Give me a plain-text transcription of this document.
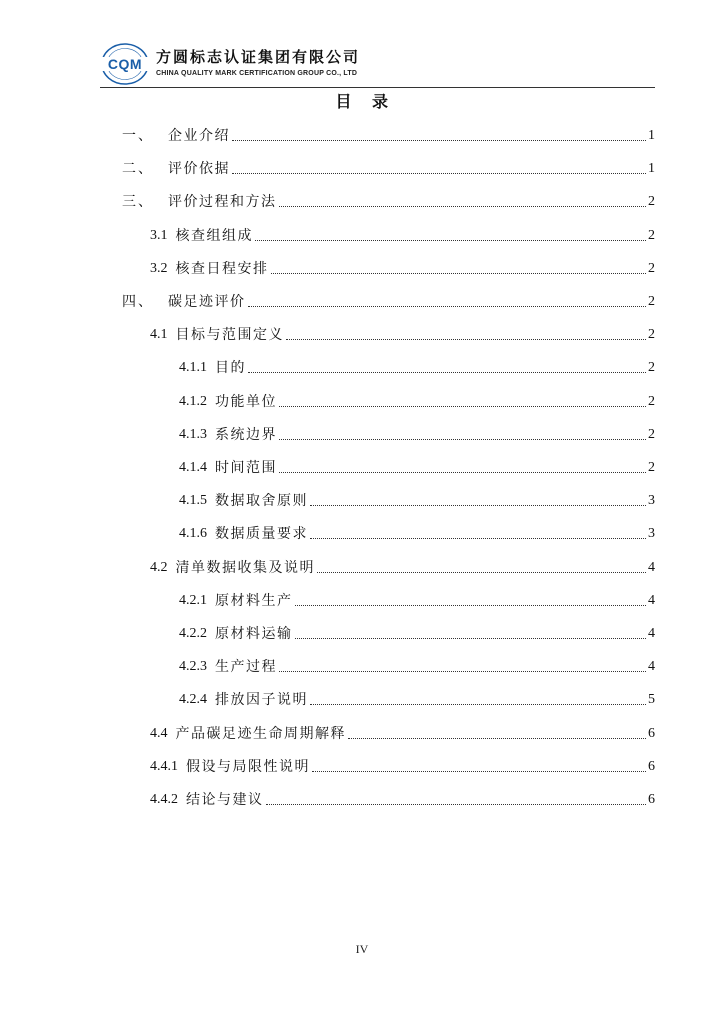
CQM 方圆标志认证集团有限公司
CHINA QUALITY MARK CERTIFICATION GROUP CO., LTD
目 录
一、	企业介绍	1
二、	评价依据	1
三、	评价过程和方法	2
3.1 核查组组成	2
3.2 核查日程安排	2
四、	碳足迹评价	2
4.1 目标与范围定义	2
4.1.1 目的	2
4.1.2 功能单位	2
4.1.3 系统边界	2
4.1.4 时间范围	2
4.1.5 数据取舍原则	3
4.1.6 数据质量要求	3
4.2 清单数据收集及说明	4
4.2.1 原材料生产	4
4.2.2 原材料运输	4
4.2.3 生产过程	4
4.2.4 排放因子说明	5
4.4 产品碳足迹生命周期解释	6
4.4.1 假设与局限性说明	6
4.4.2 结论与建议	6
IV
